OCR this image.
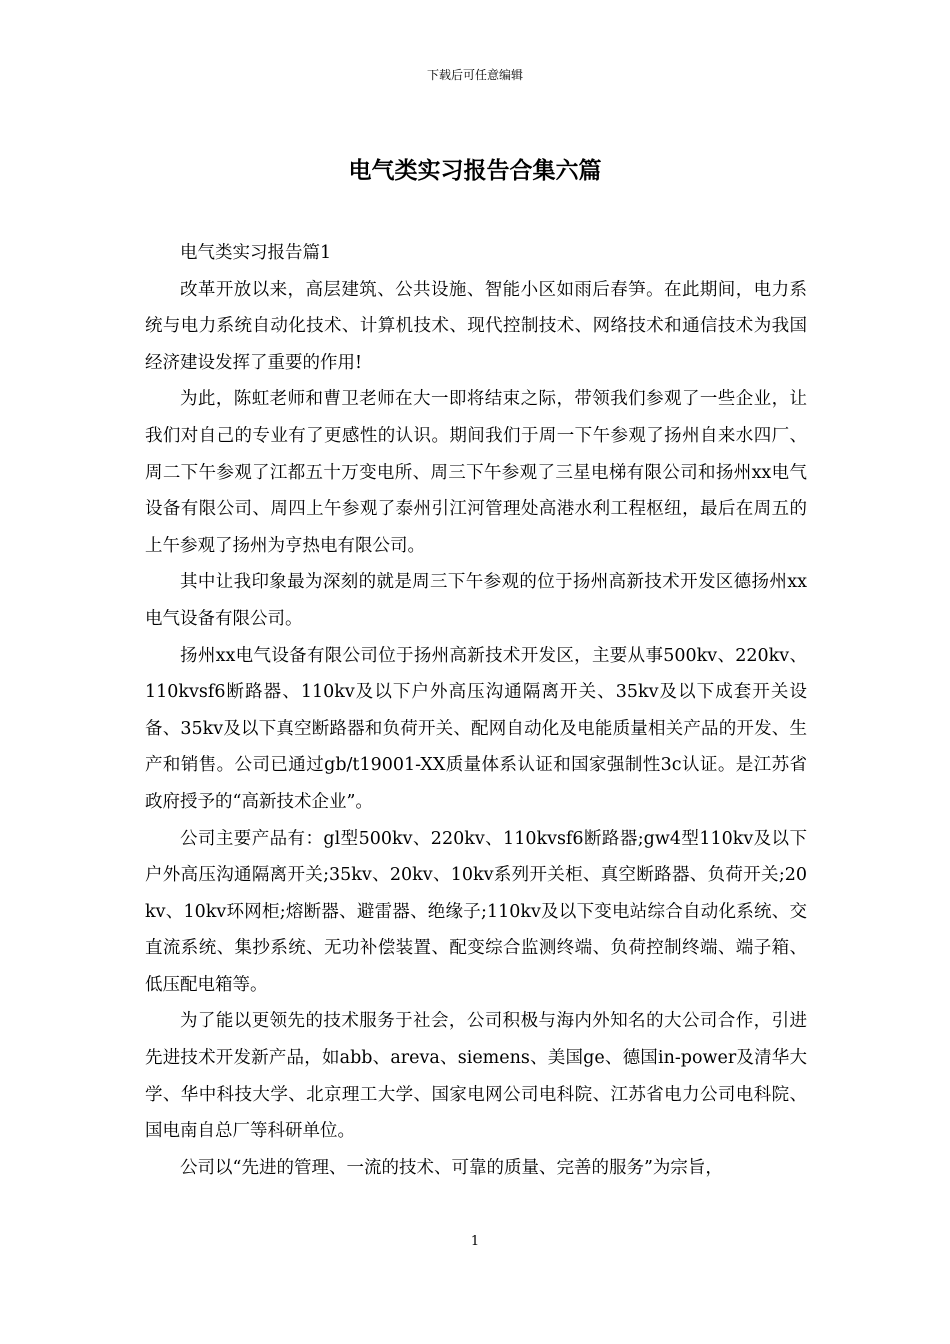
下载后可任意编辑
电气类实习报告合集六篇

电气类实习报告篇1

改革开放以来，高层建筑、公共设施、智能小区如雨后春笋。在此期间，电力系统与电力系统自动化技术、计算机技术、现代控制技术、网络技术和通信技术为我国经济建设发挥了重要的作用!

为此，陈虹老师和曹卫老师在大一即将结束之际，带领我们参观了一些企业，让我们对自己的专业有了更感性的认识。期间我们于周一下午参观了扬州自来水四厂、周二下午参观了江都五十万变电所、周三下午参观了三星电梯有限公司和扬州xx电气设备有限公司、周四上午参观了泰州引江河管理处高港水利工程枢纽，最后在周五的上午参观了扬州为亨热电有限公司。

其中让我印象最为深刻的就是周三下午参观的位于扬州高新技术开发区德扬州xx电气设备有限公司。

扬州xx电气设备有限公司位于扬州高新技术开发区，主要从事500kv、220kv、110kvsf6断路器、110kv及以下户外高压沟通隔离开关、35kv及以下成套开关设备、35kv及以下真空断路器和负荷开关、配网自动化及电能质量相关产品的开发、生产和销售。公司已通过gb/t19001-XX质量体系认证和国家强制性3c认证。是江苏省政府授予的“高新技术企业”。

公司主要产品有：gl型500kv、220kv、110kvsf6断路器;gw4型110kv及以下户外高压沟通隔离开关;35kv、20kv、10kv系列开关柜、真空断路器、负荷开关;20kv、10kv环网柜;熔断器、避雷器、绝缘子;110kv及以下变电站综合自动化系统、交直流系统、集抄系统、无功补偿装置、配变综合监测终端、负荷控制终端、端子箱、低压配电箱等。

为了能以更领先的技术服务于社会，公司积极与海内外知名的大公司合作，引进先进技术开发新产品，如abb、areva、siemens、美国ge、德国in-power及清华大学、华中科技大学、北京理工大学、国家电网公司电科院、江苏省电力公司电科院、国电南自总厂等科研单位。

公司以“先进的管理、一流的技术、可靠的质量、完善的服务”为宗旨，

1
